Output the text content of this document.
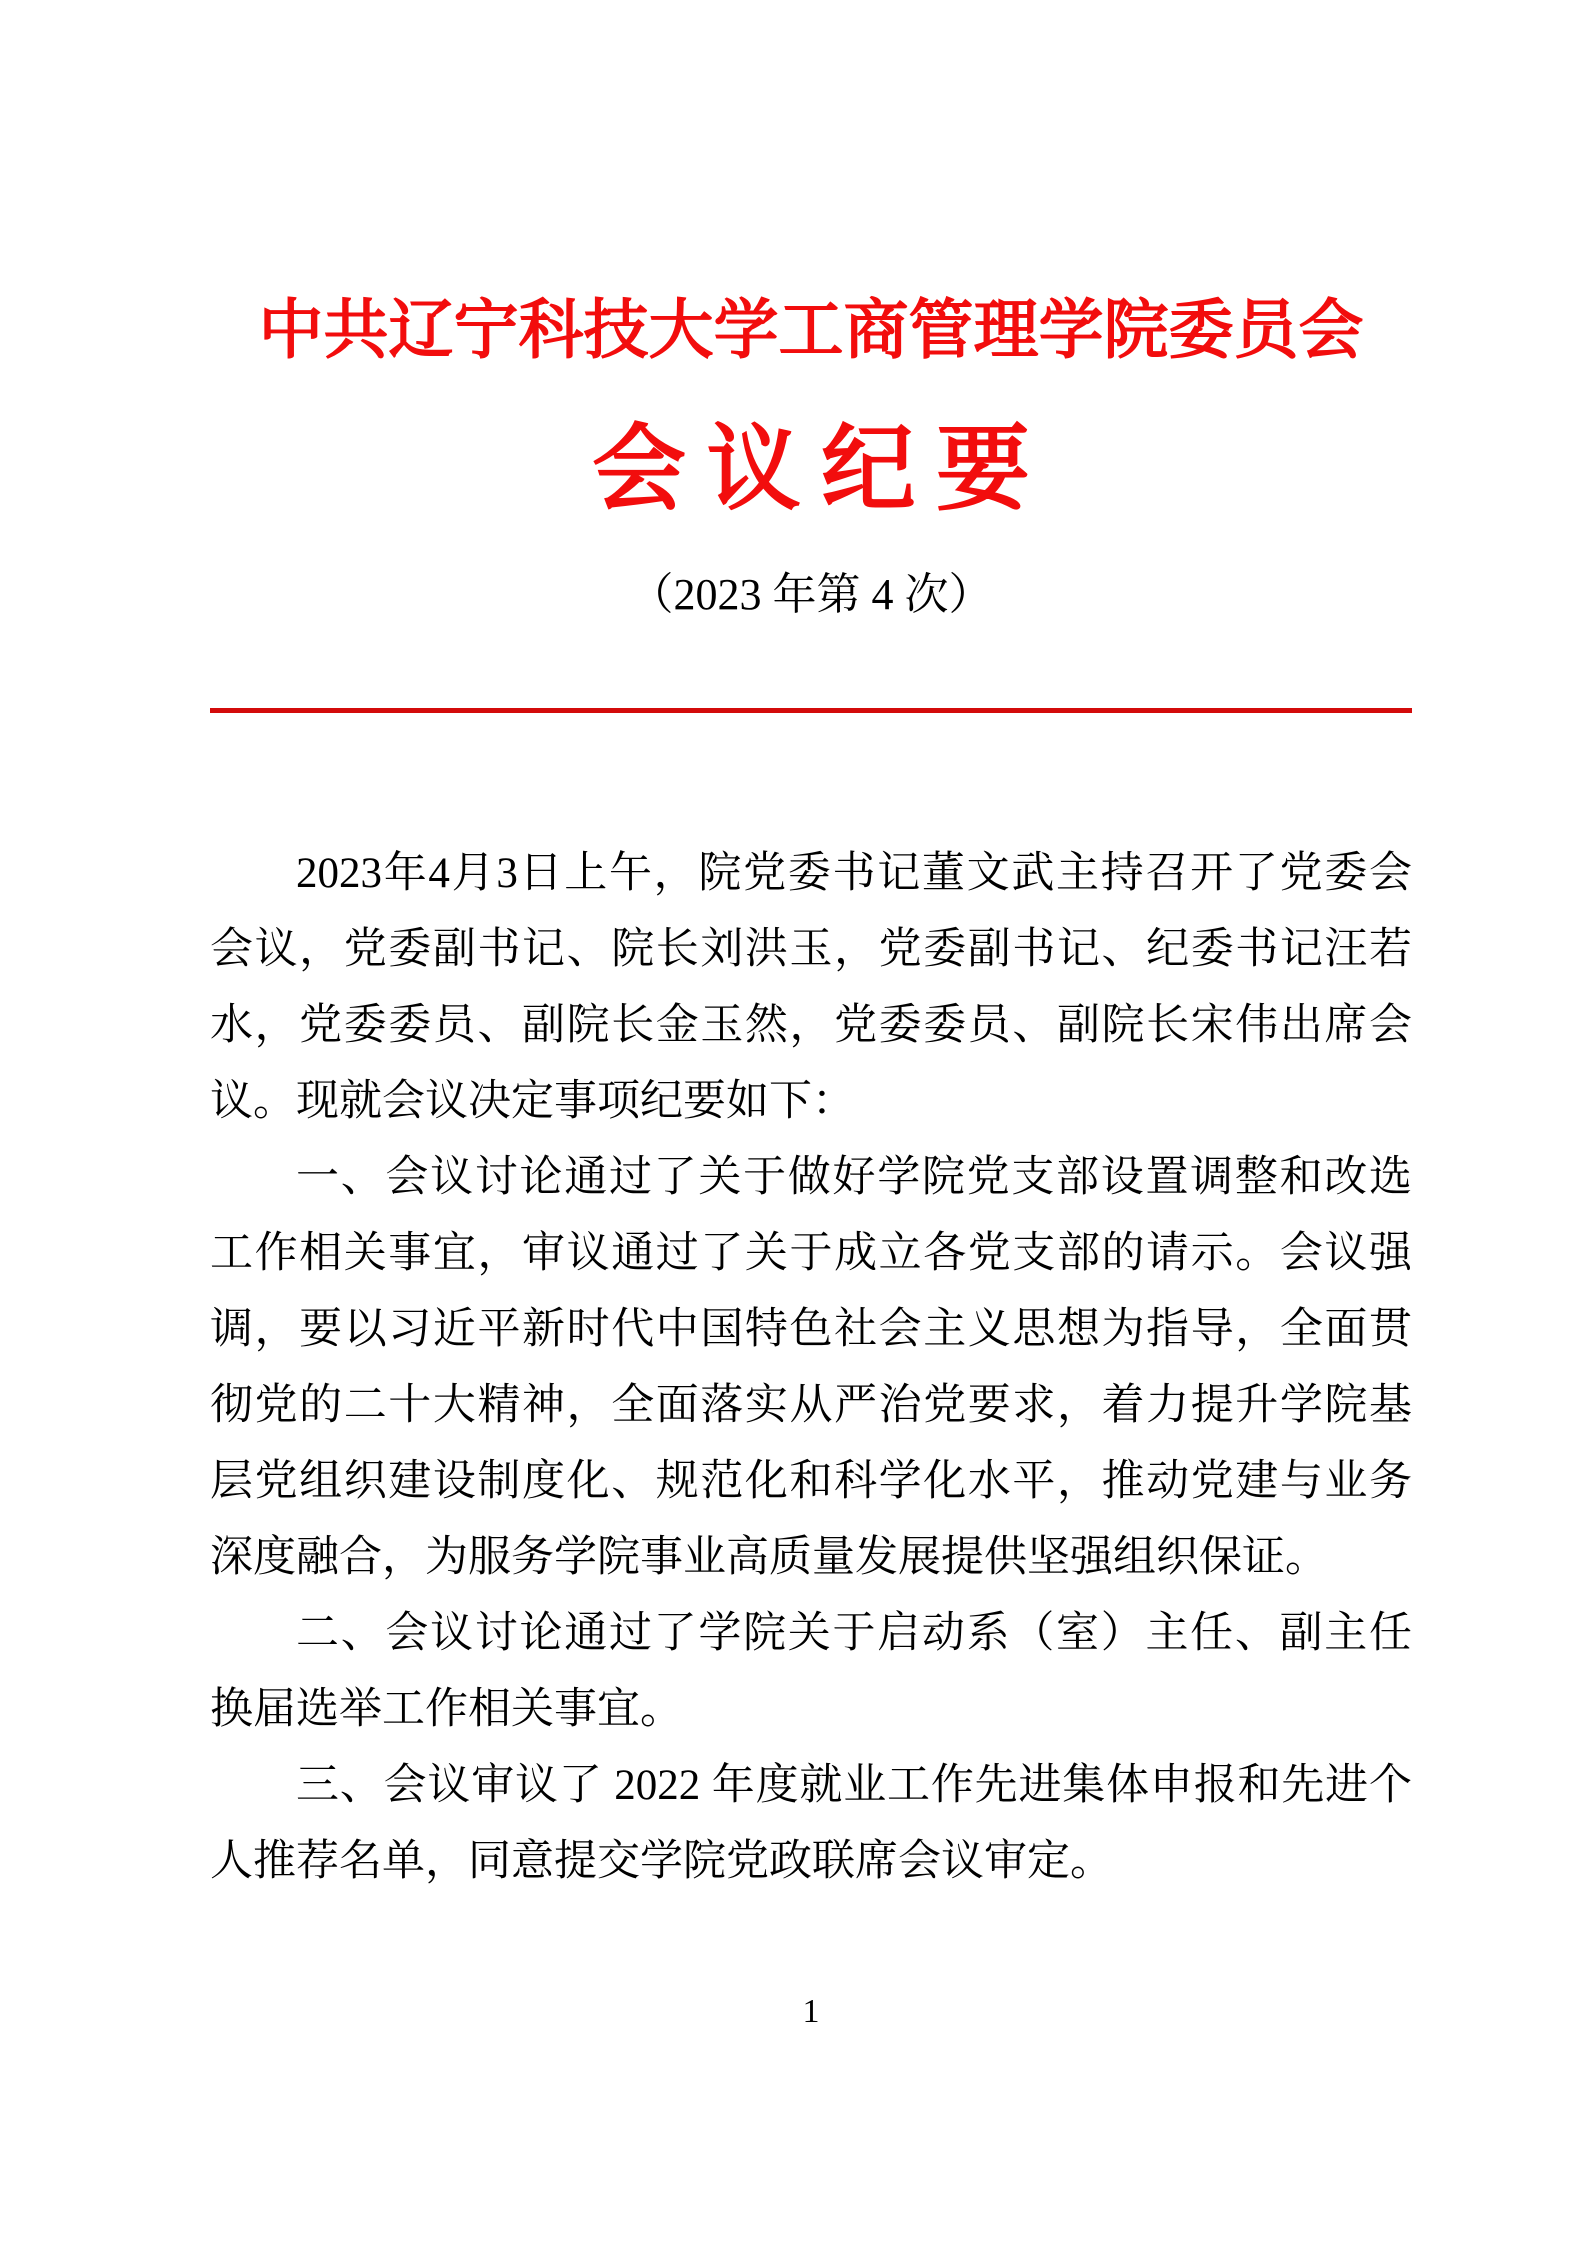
中共辽宁科技大学工商管理学院委员会
会议纪要

（2023 年第 4 次）

2023年4月3日上午，院党委书记董文武主持召开了党委会会议，党委副书记、院长刘洪玉，党委副书记、纪委书记汪若水，党委委员、副院长金玉然，党委委员、副院长宋伟出席会议。现就会议决定事项纪要如下：

一、会议讨论通过了关于做好学院党支部设置调整和改选工作相关事宜，审议通过了关于成立各党支部的请示。会议强调，要以习近平新时代中国特色社会主义思想为指导，全面贯彻党的二十大精神，全面落实从严治党要求，着力提升学院基层党组织建设制度化、规范化和科学化水平，推动党建与业务深度融合，为服务学院事业高质量发展提供坚强组织保证。

二、会议讨论通过了学院关于启动系（室）主任、副主任换届选举工作相关事宜。

三、会议审议了 2022 年度就业工作先进集体申报和先进个人推荐名单，同意提交学院党政联席会议审定。

1
